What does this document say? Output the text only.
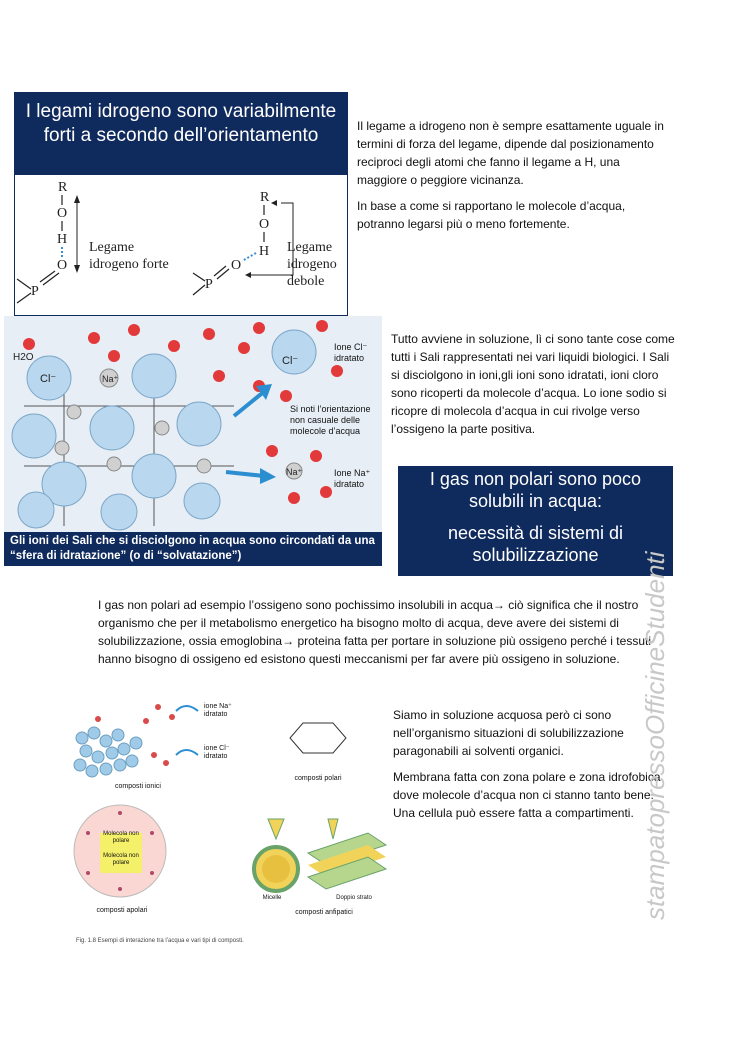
I legami idrogeno sono variabilmente forti a secondo dell’orientamento
R
O
H
O
P
R
O
H
O
P
Legame idrogeno forte
Legame idrogeno debole

Il legame a idrogeno non è sempre esattamente uguale in termini di forza del legame, dipende dal posizionamento reciproci degli atomi che fanno il legame a H, una maggiore o peggiore vicinanza.

In base a come si rapportano le molecole d’acqua, potranno legarsi più o meno fortemente.

H2O
Cl⁻	Na⁺
Cl⁻
Na⁺
Ione Cl⁻ idratato
Ione Na⁺ idratato
Si noti l’orientazione non casuale delle molecole d’acqua
Gli ioni dei Sali che si disciolgono in acqua sono circondati da una “sfera di idratazione” (o di “solvatazione”)

Tutto avviene in soluzione, lì ci sono tante cose come tutti i Sali rappresentati nei vari liquidi biologici. I Sali si disciolgono in ioni,gli ioni sono idratati, ioni cloro sono ricoperti da molecole d’acqua. Lo ione sodio si ricopre di molecola d’acqua in cui rivolge verso l’ossigeno la parte positiva.

I gas non polari sono poco solubili in acqua:
necessità di sistemi di solubilizzazione

I gas non polari ad esempio l’ossigeno sono pochissimo insolubili in acqua→ ciò significa che il nostro organismo che per il metabolismo energetico ha bisogno molto di acqua, deve avere dei sistemi di solubilizzazione, ossia emoglobina→ proteina fatta per portare in soluzione più ossigeno perché i tessuti hanno bisogno di ossigeno ed esistono questi meccanismi per far avere più ossigeno in soluzione.

ione Na⁺ idratato
ione Cl⁻ idratato
composti ionici
composti polari
Molecola non polare
Molecola non polare
composti apolari
Micelle	Doppio strato
composti anfipatici
Fig. 1.8 Esempi di interazione tra l’acqua e vari tipi di composti.

Siamo in soluzione acquosa però ci sono nell’organismo situazioni di solubilizzazione paragonabili ai solventi organici.

Membrana fatta con zona polare e zona idrofobica dove molecole d’acqua non ci stanno tanto bene. Una cellula può essere fatta a compartimenti. stampatopressoOfficineStudenti
